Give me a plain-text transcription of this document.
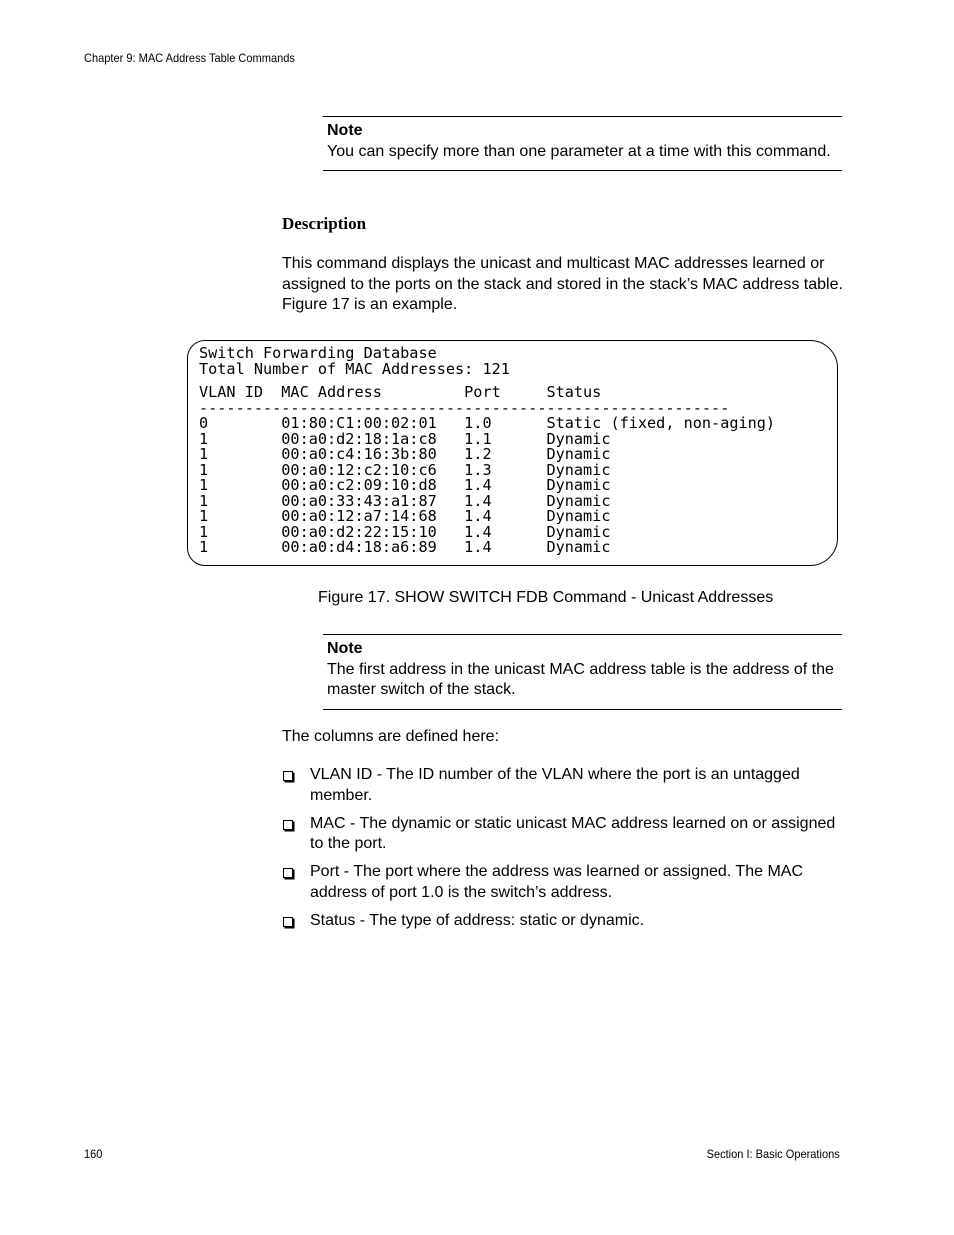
Chapter 9: MAC Address Table Commands
Note
You can specify more than one parameter at a time with this command.
Description
This command displays the unicast and multicast MAC addresses learned or assigned to the ports on the stack and stored in the stack’s MAC address table. Figure 17 is an example.
Switch Forwarding Database
Total Number of MAC Addresses: 121
VLAN ID  MAC Address         Port     Status
----------------------------------------------------------
0        01:80:C1:00:02:01   1.0      Static (fixed, non-aging)
1        00:a0:d2:18:1a:c8   1.1      Dynamic
1        00:a0:c4:16:3b:80   1.2      Dynamic
1        00:a0:12:c2:10:c6   1.3      Dynamic
1        00:a0:c2:09:10:d8   1.4      Dynamic
1        00:a0:33:43:a1:87   1.4      Dynamic
1        00:a0:12:a7:14:68   1.4      Dynamic
1        00:a0:d2:22:15:10   1.4      Dynamic
1        00:a0:d4:18:a6:89   1.4      Dynamic
Figure 17. SHOW SWITCH FDB Command - Unicast Addresses
Note
The first address in the unicast MAC address table is the address of the master switch of the stack.
The columns are defined here:
VLAN ID - The ID number of the VLAN where the port is an untagged member.
MAC - The dynamic or static unicast MAC address learned on or assigned to the port.
Port - The port where the address was learned or assigned. The MAC address of port 1.0 is the switch’s address.
Status - The type of address: static or dynamic.
160	Section I: Basic Operations
